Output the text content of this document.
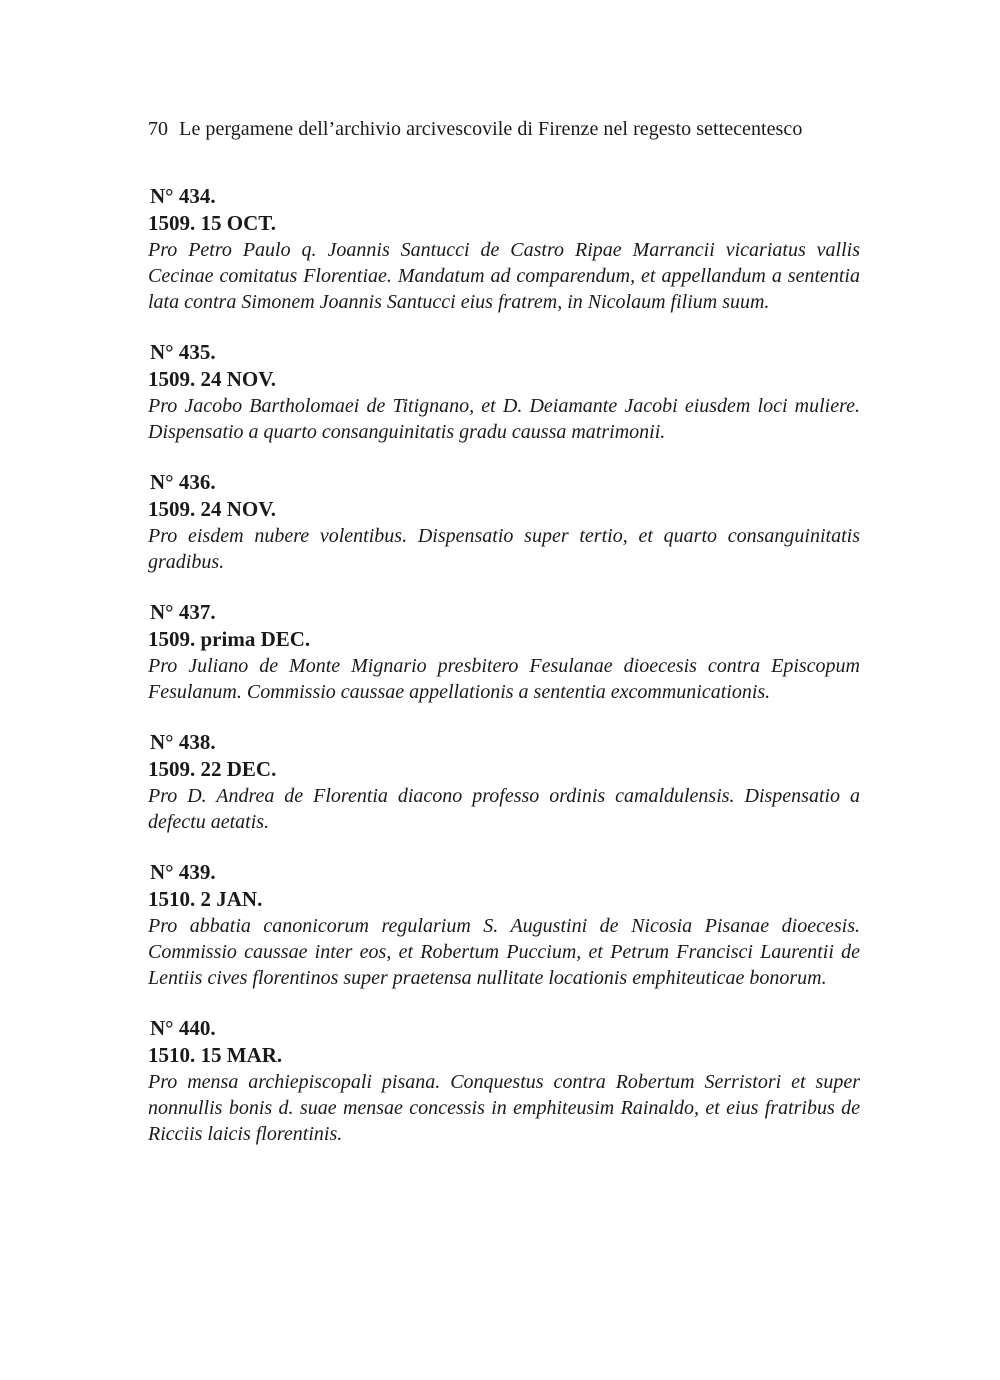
70 Le pergamene dell’archivio arcivescovile di Firenze nel regesto settecentesco
N° 434.
1509. 15 OCT.
Pro Petro Paulo q. Joannis Santucci de Castro Ripae Marrancii vicariatus vallis Cecinae comitatus Florentiae. Mandatum ad comparendum, et appellandum a sententia lata contra Simonem Joannis Santucci eius fratrem, in Nicolaum filium suum.
N° 435.
1509. 24 NOV.
Pro Jacobo Bartholomaei de Titignano, et D. Deiamante Jacobi eiusdem loci muliere. Dispensatio a quarto consanguinitatis gradu caussa matrimonii.
N° 436.
1509. 24 NOV.
Pro eisdem nubere volentibus. Dispensatio super tertio, et quarto consanguinitatis gradibus.
N° 437.
1509. prima DEC.
Pro Juliano de Monte Mignario presbitero Fesulanae dioecesis contra Episcopum Fesulanum. Commissio caussae appellationis a sententia excommunicationis.
N° 438.
1509. 22 DEC.
Pro D. Andrea de Florentia diacono professo ordinis camaldulensis. Dispensatio a defectu aetatis.
N° 439.
1510. 2 JAN.
Pro abbatia canonicorum regularium S. Augustini de Nicosia Pisanae dioecesis. Commissio caussae inter eos, et Robertum Puccium, et Petrum Francisci Laurentii de Lentiis cives florentinos super praetensa nullitate locationis emphiteuticae bonorum.
N° 440.
1510. 15 MAR.
Pro mensa archiepiscopali pisana. Conquestus contra Robertum Serristori et super nonnullis bonis d. suae mensae concessis in emphiteusim Rainaldo, et eius fratribus de Ricciis laicis florentinis.
